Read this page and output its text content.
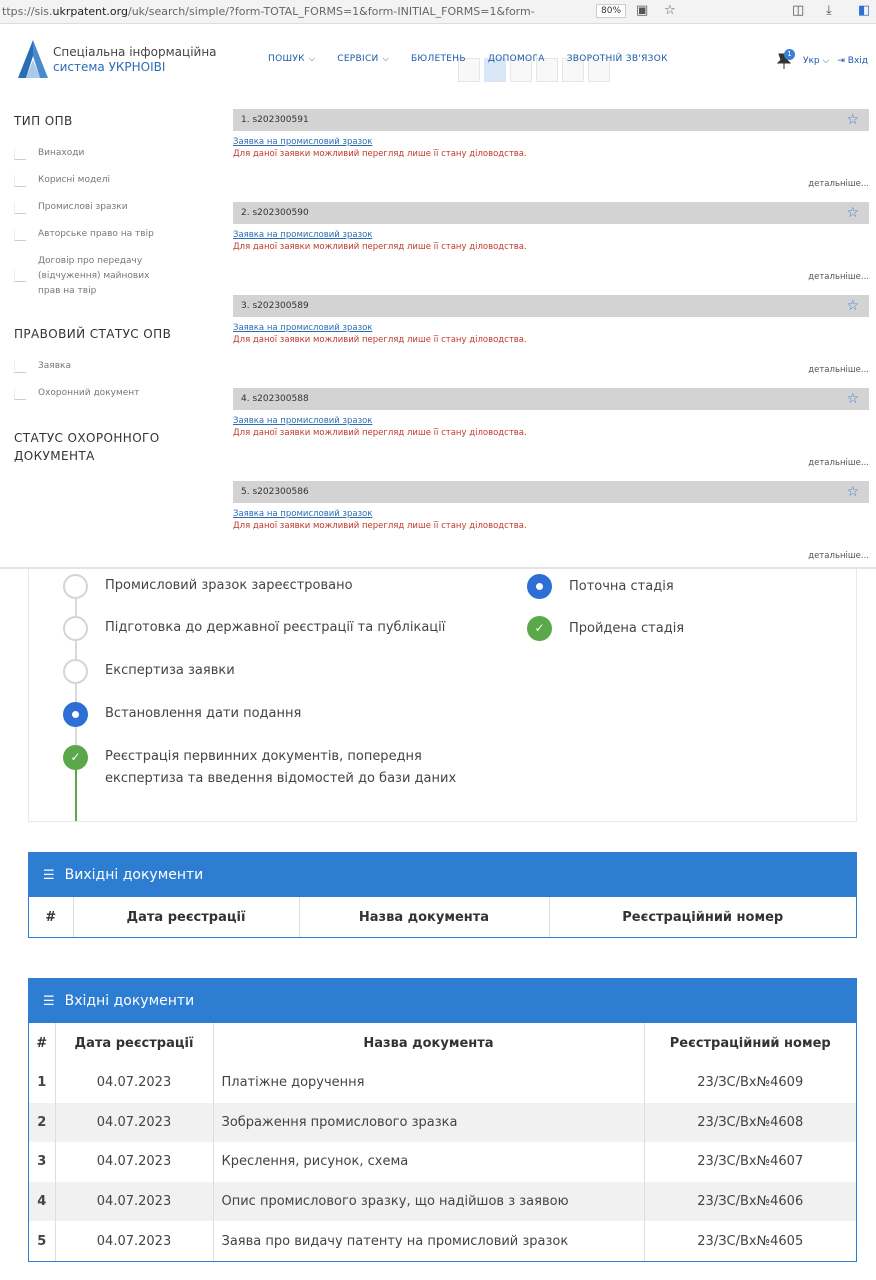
ttps://sis.ukrpatent.org/uk/search/simple/?form-TOTAL_FORMS=1&form-INITIAL_FORMS=1&form-	80%	▣ ☆	◫ ⤓ ◧
Спеціальна інформаційна
система УКРНОІВІ
ПОШУК ⌵ СЕРВІСИ ⌵ БЮЛЕТЕНЬ ДОПОМОГА ЗВОРОТНІЙ ЗВ'ЯЗОК	1
Укр ⌵ ⇥ Вхід
ТИП ОПВ
Винаходи
Корисні моделі
Промислові зразки
Авторське право на твір
Договір про передачу (відчуження) майнових прав на твір
ПРАВОВИЙ СТАТУС ОПВ
Заявка
Охоронний документ
СТАТУС ОХОРОННОГО ДОКУМЕНТА
1. s202300591	☆
Заявка на промисловий зразок
Для даної заявки можливий перегляд лише її стану діловодства.
детальніше...
2. s202300590	☆
Заявка на промисловий зразок
Для даної заявки можливий перегляд лише її стану діловодства.
детальніше...
3. s202300589	☆
Заявка на промисловий зразок
Для даної заявки можливий перегляд лише її стану діловодства.
детальніше...
4. s202300588	☆
Заявка на промисловий зразок
Для даної заявки можливий перегляд лише її стану діловодства.
детальніше...
5. s202300586	☆
Заявка на промисловий зразок
Для даної заявки можливий перегляд лише її стану діловодства.
детальніше...
Промисловий зразок зареєстровано
Підготовка до державної реєстрації та публікації
Експертиза заявки
Встановлення дати подання
✓	Реєстрація первинних документів, попередня
експертиза та введення відомостей до бази даних
Поточна стадія
✓	Пройдена стадія
☰ Вихідні документи
#	Дата реєстрації	Назва документа	Реєстраційний номер
☰ Вхідні документи
#	Дата реєстрації	Назва документа	Реєстраційний номер
1	04.07.2023	Платіжне доручення	23/ЗС/Вх№4609
2	04.07.2023	Зображення промислового зразка	23/ЗС/Вх№4608
3	04.07.2023	Креслення, рисунок, схема	23/ЗС/Вх№4607
4	04.07.2023	Опис промислового зразку, що надійшов з заявою	23/ЗС/Вх№4606
5	04.07.2023	Заява про видачу патенту на промисловий зразок	23/ЗС/Вх№4605
